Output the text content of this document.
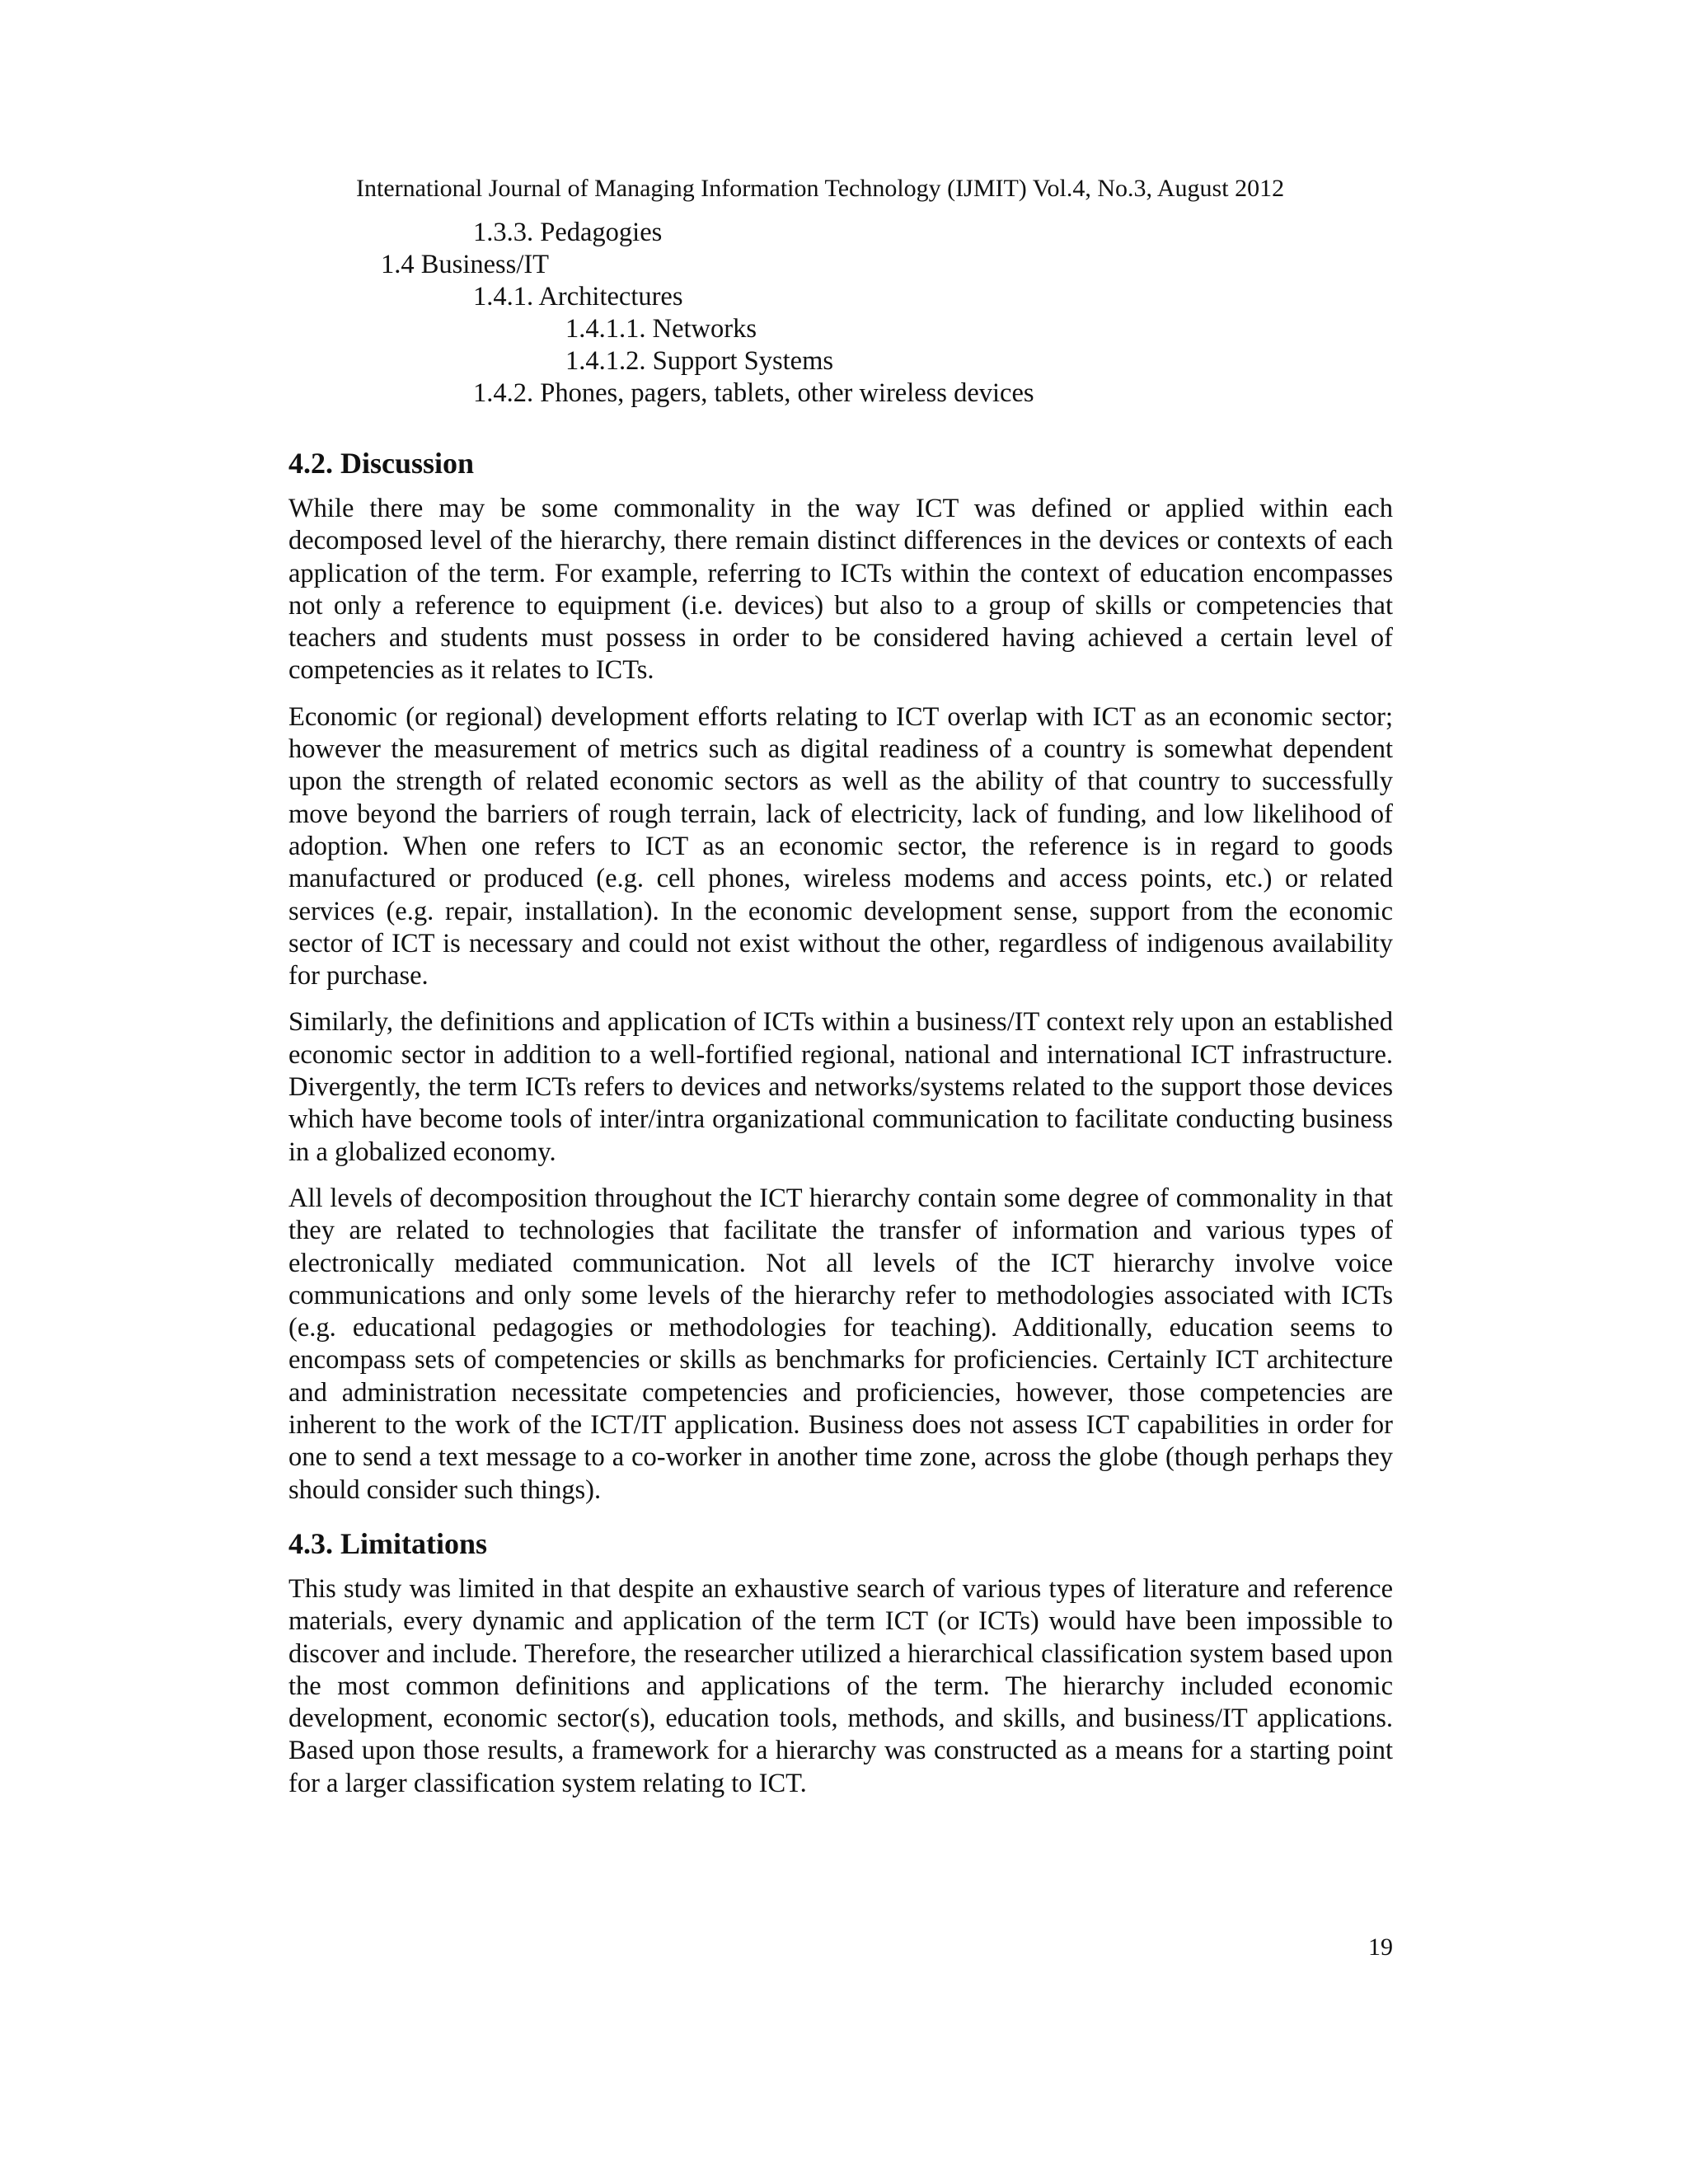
International Journal of Managing Information Technology (IJMIT) Vol.4, No.3, August 2012
1.3.3. Pedagogies
1.4 Business/IT
1.4.1. Architectures
1.4.1.1. Networks
1.4.1.2. Support Systems
1.4.2. Phones, pagers, tablets, other wireless devices
4.2. Discussion

While there may be some commonality in the way ICT was defined or applied within each decomposed level of the hierarchy, there remain distinct differences in the devices or contexts of each application of the term. For example, referring to ICTs within the context of education encompasses not only a reference to equipment (i.e. devices) but also to a group of skills or competencies that teachers and students must possess in order to be considered having achieved a certain level of competencies as it relates to ICTs.

Economic (or regional) development efforts relating to ICT overlap with ICT as an economic sector; however the measurement of metrics such as digital readiness of a country is somewhat dependent upon the strength of related economic sectors as well as the ability of that country to successfully move beyond the barriers of rough terrain, lack of electricity, lack of funding, and low likelihood of adoption. When one refers to ICT as an economic sector, the reference is in regard to goods manufactured or produced (e.g. cell phones, wireless modems and access points, etc.) or related services (e.g. repair, installation). In the economic development sense, support from the economic sector of ICT is necessary and could not exist without the other, regardless of indigenous availability for purchase.

Similarly, the definitions and application of ICTs within a business/IT context rely upon an established economic sector in addition to a well-fortified regional, national and international ICT infrastructure. Divergently, the term ICTs refers to devices and networks/systems related to the support those devices which have become tools of inter/intra organizational communication to facilitate conducting business in a globalized economy.

All levels of decomposition throughout the ICT hierarchy contain some degree of commonality in that they are related to technologies that facilitate the transfer of information and various types of electronically mediated communication. Not all levels of the ICT hierarchy involve voice communications and only some levels of the hierarchy refer to methodologies associated with ICTs (e.g. educational pedagogies or methodologies for teaching). Additionally, education seems to encompass sets of competencies or skills as benchmarks for proficiencies. Certainly ICT architecture and administration necessitate competencies and proficiencies, however, those competencies are inherent to the work of the ICT/IT application. Business does not assess ICT capabilities in order for one to send a text message to a co-worker in another time zone, across the globe (though perhaps they should consider such things).

4.3. Limitations

This study was limited in that despite an exhaustive search of various types of literature and reference materials, every dynamic and application of the term ICT (or ICTs) would have been impossible to discover and include. Therefore, the researcher utilized a hierarchical classification system based upon the most common definitions and applications of the term. The hierarchy included economic development, economic sector(s), education tools, methods, and skills, and business/IT applications. Based upon those results, a framework for a hierarchy was constructed as a means for a starting point for a larger classification system relating to ICT.

19
